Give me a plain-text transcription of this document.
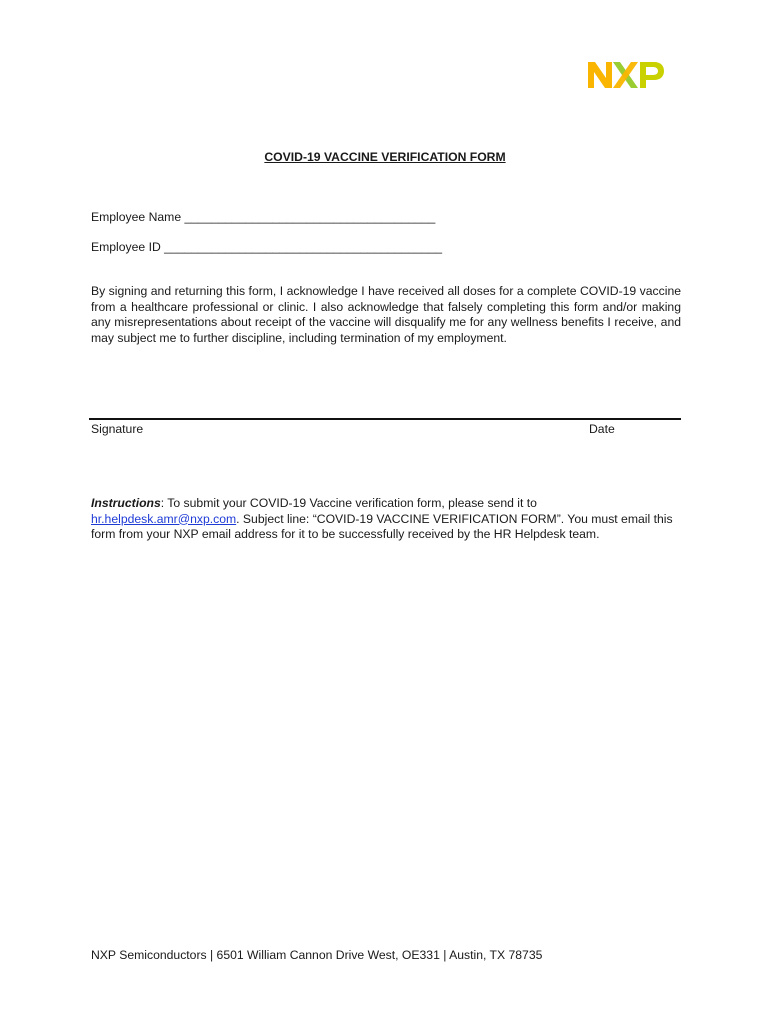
COVID-19 VACCINE VERIFICATION FORM
Employee Name _____________________________________
Employee ID _________________________________________

By signing and returning this form, I acknowledge I have received all doses for a complete COVID-19 vaccine from a healthcare professional or clinic. I also acknowledge that falsely completing this form and/or making any misrepresentations about receipt of the vaccine will disqualify me for any wellness benefits I receive, and may subject me to further discipline, including termination of my employment.

Signature	Date

Instructions: To submit your COVID-19 Vaccine verification form, please send it to hr.helpdesk.amr@nxp.com. Subject line: “COVID-19 VACCINE VERIFICATION FORM”. You must email this form from your NXP email address for it to be successfully received by the HR Helpdesk team.

NXP Semiconductors | 6501 William Cannon Drive West, OE331 | Austin, TX 78735
